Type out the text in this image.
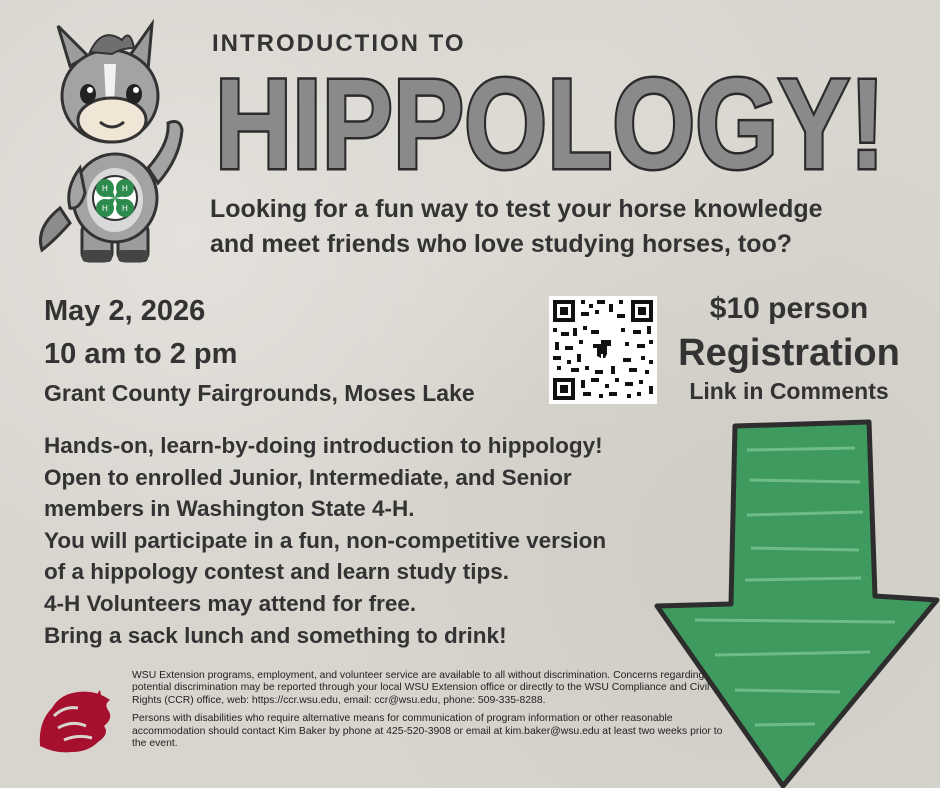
H H
H H
INTRODUCTION TO
HIPPOLOGY!
Looking for a fun way to test your horse knowledge
and meet friends who love studying horses, too?
May 2, 2026
10 am to 2 pm
Grant County Fairgrounds, Moses Lake
$10 person
Registration
Link in Comments
Hands-on, learn-by-doing introduction to hippology!
Open to enrolled Junior, Intermediate, and Senior
members in Washington State 4-H.
You will participate in a fun, non-competitive version
of a hippology contest and learn study tips.
4-H Volunteers may attend for free.
Bring a sack lunch and something to drink!

WSU Extension programs, employment, and volunteer service are available to all without discrimination. Concerns regarding potential discrimination may be reported through your local WSU Extension office or directly to the WSU Compliance and Civil Rights (CCR) office, web: https://ccr.wsu.edu, email: ccr@wsu.edu, phone: 509-335-8288.

Persons with disabilities who require alternative means for communication of program information or other reasonable accommodation should contact Kim Baker by phone at 425-520-3908 or email at kim.baker@wsu.edu at least two weeks prior to the event.
